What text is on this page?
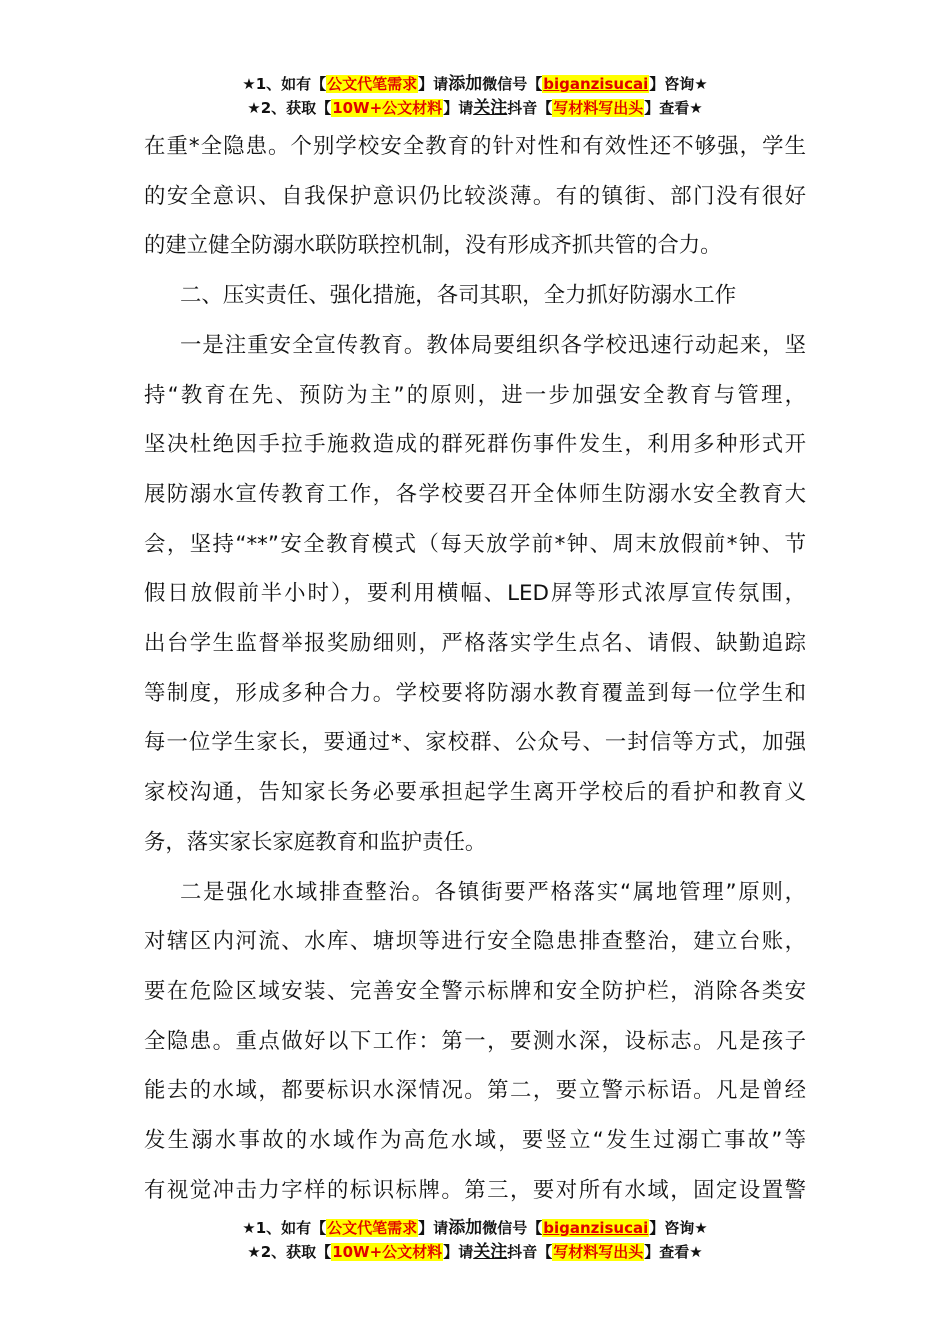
★1、如有【公文代笔需求】请添加微信号【biganzisucai】咨询★
★2、获取【10W+公文材料】请关注抖音【写材料写出头】查看★
在重*全隐患。个别学校安全教育的针对性和有效性还不够强，学生
的安全意识、自我保护意识仍比较淡薄。有的镇街、部门没有很好
的建立健全防溺水联防联控机制，没有形成齐抓共管的合力。
二、压实责任、强化措施，各司其职，全力抓好防溺水工作
一是注重安全宣传教育。教体局要组织各学校迅速行动起来，坚
持“教育在先、预防为主”的原则，进一步加强安全教育与管理，
坚决杜绝因手拉手施救造成的群死群伤事件发生，利用多种形式开
展防溺水宣传教育工作，各学校要召开全体师生防溺水安全教育大
会，坚持“**”安全教育模式（每天放学前*钟、周末放假前*钟、节
假日放假前半小时），要利用横幅、LED屏等形式浓厚宣传氛围，
出台学生监督举报奖励细则，严格落实学生点名、请假、缺勤追踪
等制度，形成多种合力。学校要将防溺水教育覆盖到每一位学生和
每一位学生家长，要通过*、家校群、公众号、一封信等方式，加强
家校沟通，告知家长务必要承担起学生离开学校后的看护和教育义
务，落实家长家庭教育和监护责任。
二是强化水域排查整治。各镇街要严格落实“属地管理”原则，
对辖区内河流、水库、塘坝等进行安全隐患排查整治，建立台账，
要在危险区域安装、完善安全警示标牌和安全防护栏，消除各类安
全隐患。重点做好以下工作：第一，要测水深，设标志。凡是孩子
能去的水域，都要标识水深情况。第二，要立警示标语。凡是曾经
发生溺水事故的水域作为高危水域，要竖立“发生过溺亡事故”等
有视觉冲击力字样的标识标牌。第三，要对所有水域，固定设置警
★1、如有【公文代笔需求】请添加微信号【biganzisucai】咨询★
★2、获取【10W+公文材料】请关注抖音【写材料写出头】查看★
